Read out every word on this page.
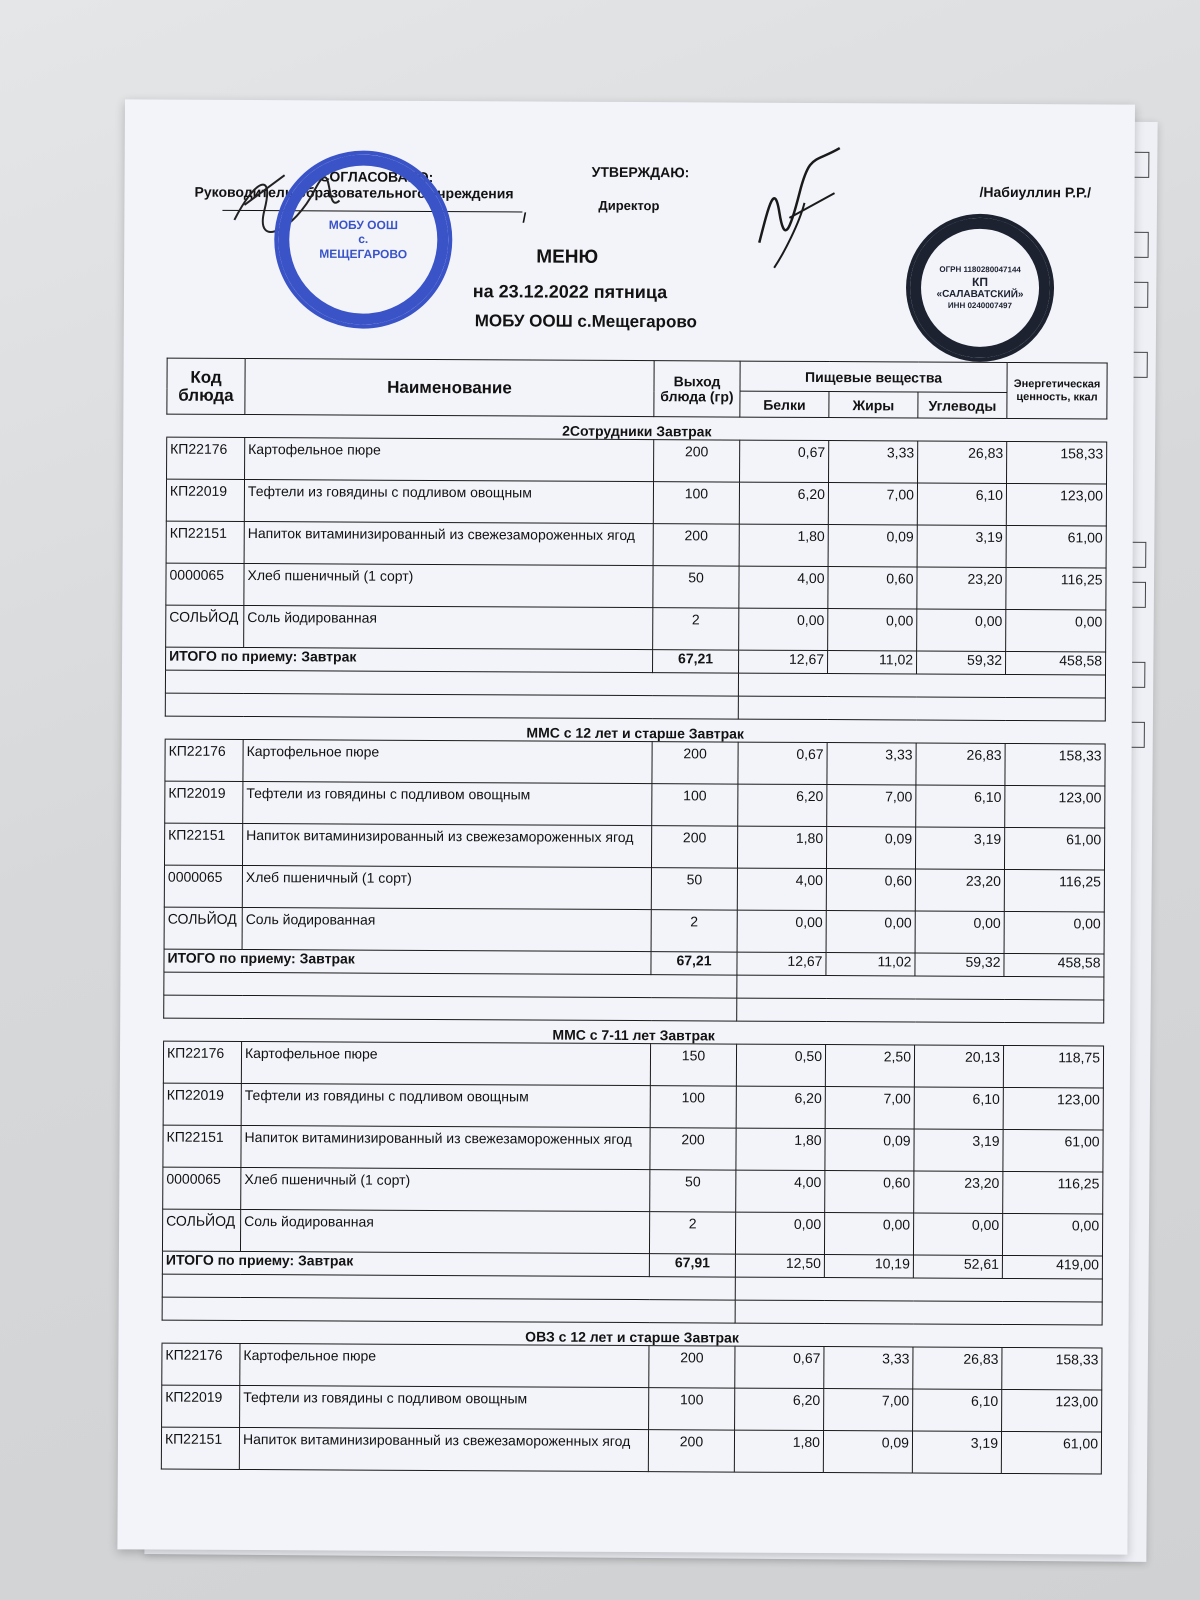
СОГЛАСОВАНО:
Руководитель образовательного учреждения
/
УТВЕРЖДАЮ:
Директор
/Набиуллин Р.Р./
МОБУ ООШ
с. МЕЩЕГАРОВО
ОГРН 1180280047144
КП
«САЛАВАТСКИЙ»
ИНН 0240007497
МЕНЮ
на 23.12.2022 пятница
МОБУ ООШ с.Мещегарово
Код блюда	Наименование	Выход блюда (гр)	Пищевые вещества			Энергетическая ценность, ккал
			Белки	Жиры	Углеводы	
2Сотрудники Завтрак						
КП22176	Картофельное пюре	200	0,67	3,33	26,83	158,33
КП22019	Тефтели из говядины с подливом овощным	100	6,20	7,00	6,10	123,00
КП22151	Напиток витаминизированный из свежезамороженных ягод	200	1,80	0,09	3,19	61,00
0000065	Хлеб пшеничный (1 сорт)	50	4,00	0,60	23,20	116,25
СОЛЬЙОД	Соль йодированная	2	0,00	0,00	0,00	0,00
ИТОГО по приему: Завтрак		67,21	12,67	11,02	59,32	458,58

ММС с 12 лет и старше Завтрак						
КП22176	Картофельное пюре	200	0,67	3,33	26,83	158,33
КП22019	Тефтели из говядины с подливом овощным	100	6,20	7,00	6,10	123,00
КП22151	Напиток витаминизированный из свежезамороженных ягод	200	1,80	0,09	3,19	61,00
0000065	Хлеб пшеничный (1 сорт)	50	4,00	0,60	23,20	116,25
СОЛЬЙОД	Соль йодированная	2	0,00	0,00	0,00	0,00
ИТОГО по приему: Завтрак		67,21	12,67	11,02	59,32	458,58

ММС с 7-11 лет Завтрак						
КП22176	Картофельное пюре	150	0,50	2,50	20,13	118,75
КП22019	Тефтели из говядины с подливом овощным	100	6,20	7,00	6,10	123,00
КП22151	Напиток витаминизированный из свежезамороженных ягод	200	1,80	0,09	3,19	61,00
0000065	Хлеб пшеничный (1 сорт)	50	4,00	0,60	23,20	116,25
СОЛЬЙОД	Соль йодированная	2	0,00	0,00	0,00	0,00
ИТОГО по приему: Завтрак		67,91	12,50	10,19	52,61	419,00

ОВЗ с 12 лет и старше Завтрак						
КП22176	Картофельное пюре	200	0,67	3,33	26,83	158,33
КП22019	Тефтели из говядины с подливом овощным	100	6,20	7,00	6,10	123,00
КП22151	Напиток витаминизированный из свежезамороженных ягод	200	1,80	0,09	3,19	61,00
